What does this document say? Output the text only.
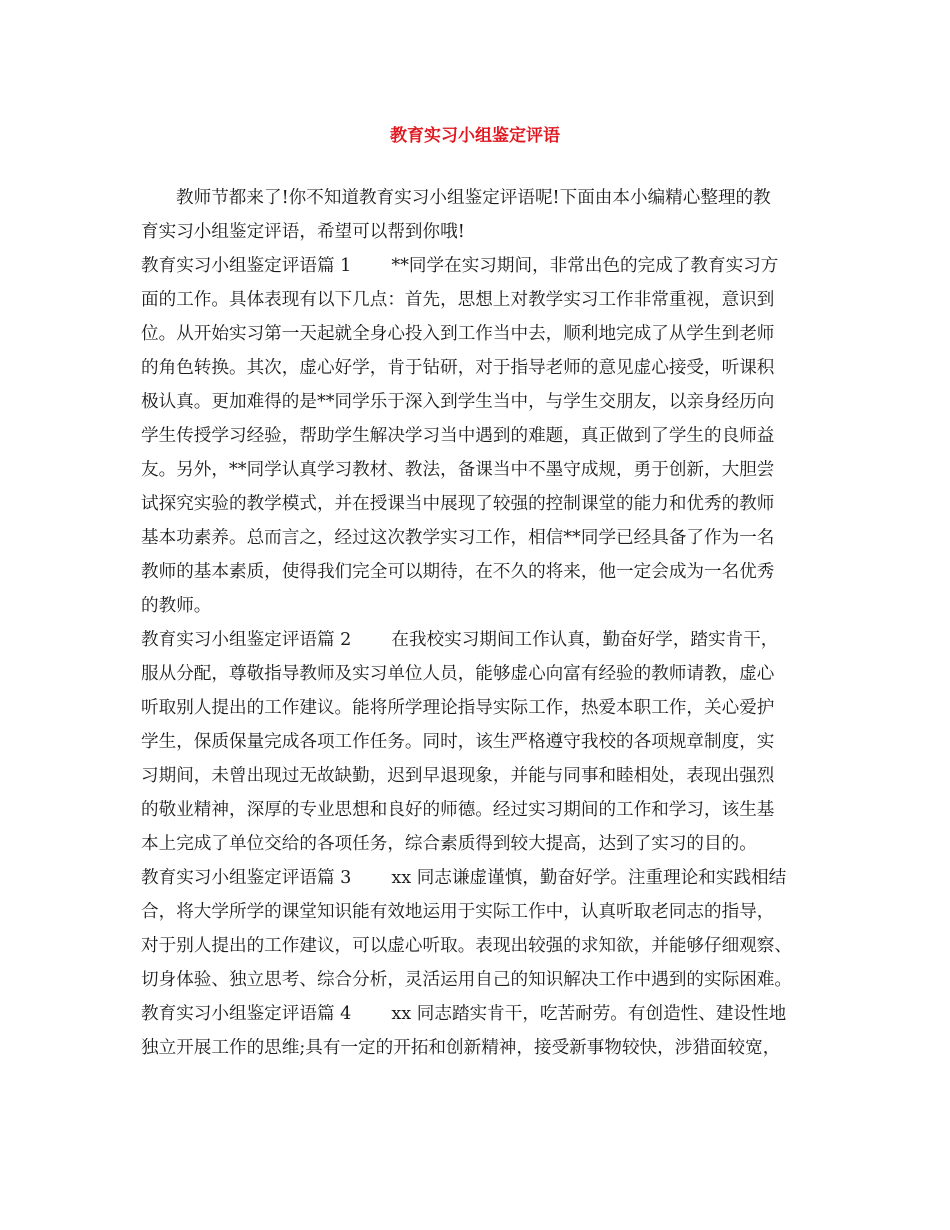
教育实习小组鉴定评语

教师节都来了!你不知道教育实习小组鉴定评语呢!下面由本小编精心整理的教

育实习小组鉴定评语，希望可以帮到你哦!

教育实习小组鉴定评语篇 1 **同学在实习期间，非常出色的完成了教育实习方

面的工作。具体表现有以下几点：首先，思想上对教学实习工作非常重视，意识到

位。从开始实习第一天起就全身心投入到工作当中去，顺利地完成了从学生到老师

的角色转换。其次，虚心好学，肯于钻研，对于指导老师的意见虚心接受，听课积

极认真。更加难得的是**同学乐于深入到学生当中，与学生交朋友，以亲身经历向

学生传授学习经验，帮助学生解决学习当中遇到的难题，真正做到了学生的良师益

友。另外，**同学认真学习教材、教法，备课当中不墨守成规，勇于创新，大胆尝

试探究实验的教学模式，并在授课当中展现了较强的控制课堂的能力和优秀的教师

基本功素养。总而言之，经过这次教学实习工作，相信**同学已经具备了作为一名

教师的基本素质，使得我们完全可以期待，在不久的将来，他一定会成为一名优秀

的教师。

教育实习小组鉴定评语篇 2 在我校实习期间工作认真，勤奋好学，踏实肯干，

服从分配，尊敬指导教师及实习单位人员，能够虚心向富有经验的教师请教，虚心

听取别人提出的工作建议。能将所学理论指导实际工作，热爱本职工作，关心爱护

学生，保质保量完成各项工作任务。同时，该生严格遵守我校的各项规章制度，实

习期间，未曾出现过无故缺勤，迟到早退现象，并能与同事和睦相处，表现出强烈

的敬业精神，深厚的专业思想和良好的师德。经过实习期间的工作和学习，该生基

本上完成了单位交给的各项任务，综合素质得到较大提高，达到了实习的目的。

教育实习小组鉴定评语篇 3 xx 同志谦虚谨慎，勤奋好学。注重理论和实践相结

合，将大学所学的课堂知识能有效地运用于实际工作中，认真听取老同志的指导，

对于别人提出的工作建议，可以虚心听取。表现出较强的求知欲，并能够仔细观察、

切身体验、独立思考、综合分析，灵活运用自己的知识解决工作中遇到的实际困难。

教育实习小组鉴定评语篇 4 xx 同志踏实肯干，吃苦耐劳。有创造性、建设性地

独立开展工作的思维;具有一定的开拓和创新精神，接受新事物较快，涉猎面较宽，
